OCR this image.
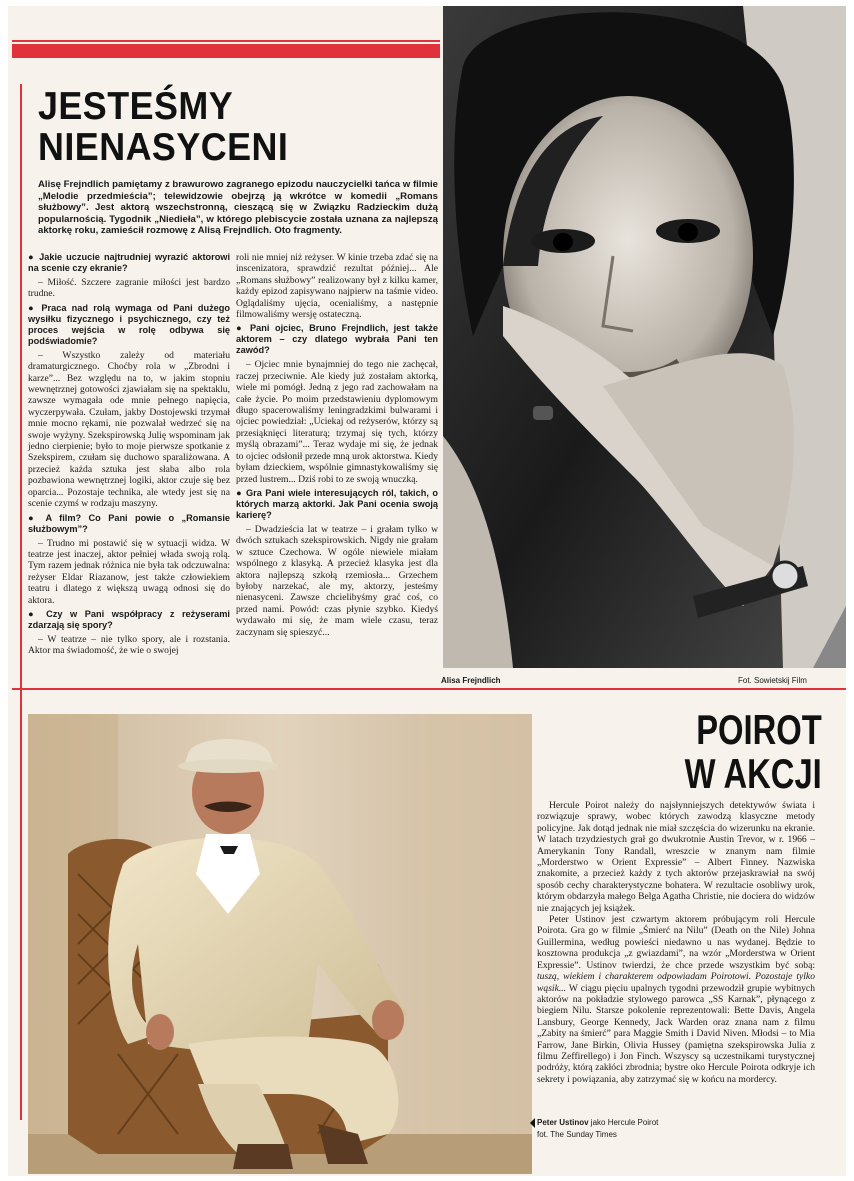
JESTEŚMY
NIENASYCENI

Alisę Frejndlich pamiętamy z brawurowo zagranego epizodu nauczycielki tańca w filmie „Melodie przedmieścia”; telewidzowie obejrzą ją wkrótce w komedii „Romans służbowy”. Jest aktorą wszechstronną, cieszącą się w Związku Radzieckim dużą popularnością. Tygodnik „Niedieła”, w którego plebiscycie została uznana za najlepszą aktorkę roku, zamieścił rozmowę z Alisą Frejndlich. Oto fragmenty.

● Jakie uczucie najtrudniej wyrazić aktorowi na scenie czy ekranie?

– Miłość. Szczere zagranie miłości jest bardzo trudne.

● Praca nad rolą wymaga od Pani dużego wysiłku fizycznego i psychicznego, czy też proces wejścia w rolę odbywa się podświadomie?

– Wszystko zależy od materiału dramaturgicznego. Choćby rola w „Zbrodni i karze”... Bez względu na to, w jakim stopniu wewnętrznej gotowości zjawiałam się na spektaklu, zawsze wymagała ode mnie pełnego napięcia, wyczerpywała. Czułam, jakby Dostojewski trzymał mnie mocno rękami, nie pozwalał wedrzeć się na swoje wyżyny. Szekspirowską Julię wspominam jak jedno cierpienie; było to moje pierwsze spotkanie z Szekspirem, czułam się duchowo sparaliżowana. A przecież każda sztuka jest słaba albo rola pozbawiona wewnętrznej logiki, aktor czuje się bez oparcia... Pozostaje technika, ale wtedy jest się na scenie czymś w rodzaju maszyny.

● A film? Co Pani powie o „Romansie służbowym”?

– Trudno mi postawić się w sytuacji widza. W teatrze jest inaczej, aktor pełniej włada swoją rolą. Tym razem jednak różnica nie była tak odczuwalna: reżyser Eldar Riazanow, jest także człowiekiem teatru i dlatego z większą uwagą odnosi się do aktora.

● Czy w Pani współpracy z reżyserami zdarzają się spory?

– W teatrze – nie tylko spory, ale i rozstania. Aktor ma świadomość, że wie o swojej

roli nie mniej niż reżyser. W kinie trzeba zdać się na inscenizatora, sprawdzić rezultat później... Ale „Romans służbowy” realizowany był z kilku kamer, każdy epizod zapisywano najpierw na taśmie video. Oglądaliśmy ujęcia, ocenialiśmy, a następnie filmowaliśmy wersję ostateczną.

● Pani ojciec, Bruno Frejndlich, jest także aktorem – czy dlatego wybrała Pani ten zawód?

– Ojciec mnie bynajmniej do tego nie zachęcał, raczej przeciwnie. Ale kiedy już zostałam aktorką, wiele mi pomógł. Jedną z jego rad zachowałam na całe życie. Po moim przedstawieniu dyplomowym długo spacerowaliśmy leningradzkimi bulwarami i ojciec powiedział: „Uciekaj od reżyserów, którzy są przesiąknięci literaturą; trzymaj się tych, którzy myślą obrazami”... Teraz wydaje mi się, że jednak to ojciec odsłonił przede mną urok aktorstwa. Kiedy byłam dzieckiem, wspólnie gimnastykowaliśmy się przed lustrem... Dziś robi to ze swoją wnuczką.

● Gra Pani wiele interesujących ról, takich, o których marzą aktorki. Jak Pani ocenia swoją karierę?

– Dwadzieścia lat w teatrze – i grałam tylko w dwóch sztukach szekspirowskich. Nigdy nie grałam w sztuce Czechowa. W ogóle niewiele miałam wspólnego z klasyką. A przecież klasyka jest dla aktora najlepszą szkołą rzemiosła... Grzechem byłoby narzekać, ale my, aktorzy, jesteśmy nienasyceni. Zawsze chcielibyśmy grać coś, co przed nami. Powód: czas płynie szybko. Kiedyś wydawało mi się, że mam wiele czasu, teraz zaczynam się spieszyć...

Alisa Frejndlich	Fot. Sowietskij Film
POIROT
W AKCJI

Hercule Poirot należy do najsłynniejszych detektywów świata i rozwiązuje sprawy, wobec których zawodzą klasyczne metody policyjne. Jak dotąd jednak nie miał szczęścia do wizerunku na ekranie. W latach trzydziestych grał go dwukrotnie Austin Trevor, w r. 1966 – Amerykanin Tony Randall, wreszcie w znanym nam filmie „Morderstwo w Orient Expressie” – Albert Finney. Nazwiska znakomite, a przecież każdy z tych aktorów przejaskrawiał na swój sposób cechy charakterystyczne bohatera. W rezultacie osobliwy urok, którym obdarzyła małego Belga Agatha Christie, nie dociera do widzów nie znających jej książek.

Peter Ustinov jest czwartym aktorem próbującym roli Hercule Poirota. Gra go w filmie „Śmierć na Nilu” (Death on the Nile) Johna Guillermina, według powieści niedawno u nas wydanej. Będzie to kosztowna produkcja „z gwiazdami”, na wzór „Morderstwa w Orient Expressie”. Ustinov twierdzi, że chce przede wszystkim być sobą: tuszą, wiekiem i charakterem odpowiadam Poirotowi. Pozostaje tylko wąsik... W ciągu pięciu upalnych tygodni przewodził grupie wybitnych aktorów na pokładzie stylowego parowca „SS Karnak”, płynącego z biegiem Nilu. Starsze pokolenie reprezentowali: Bette Davis, Angela Lansbury, George Kennedy, Jack Warden oraz znana nam z filmu „Zabity na śmierć” para Maggie Smith i David Niven. Młodsi – to Mia Farrow, Jane Birkin, Olivia Hussey (pamiętna szekspirowska Julia z filmu Zeffirellego) i Jon Finch. Wszyscy są uczestnikami turystycznej podróży, którą zakłóci zbrodnia; bystre oko Hercule Poirota odkryje ich sekrety i powiązania, aby zatrzymać się w końcu na mordercy.

Peter Ustinov jako Hercule Poirot
fot. The Sunday Times
